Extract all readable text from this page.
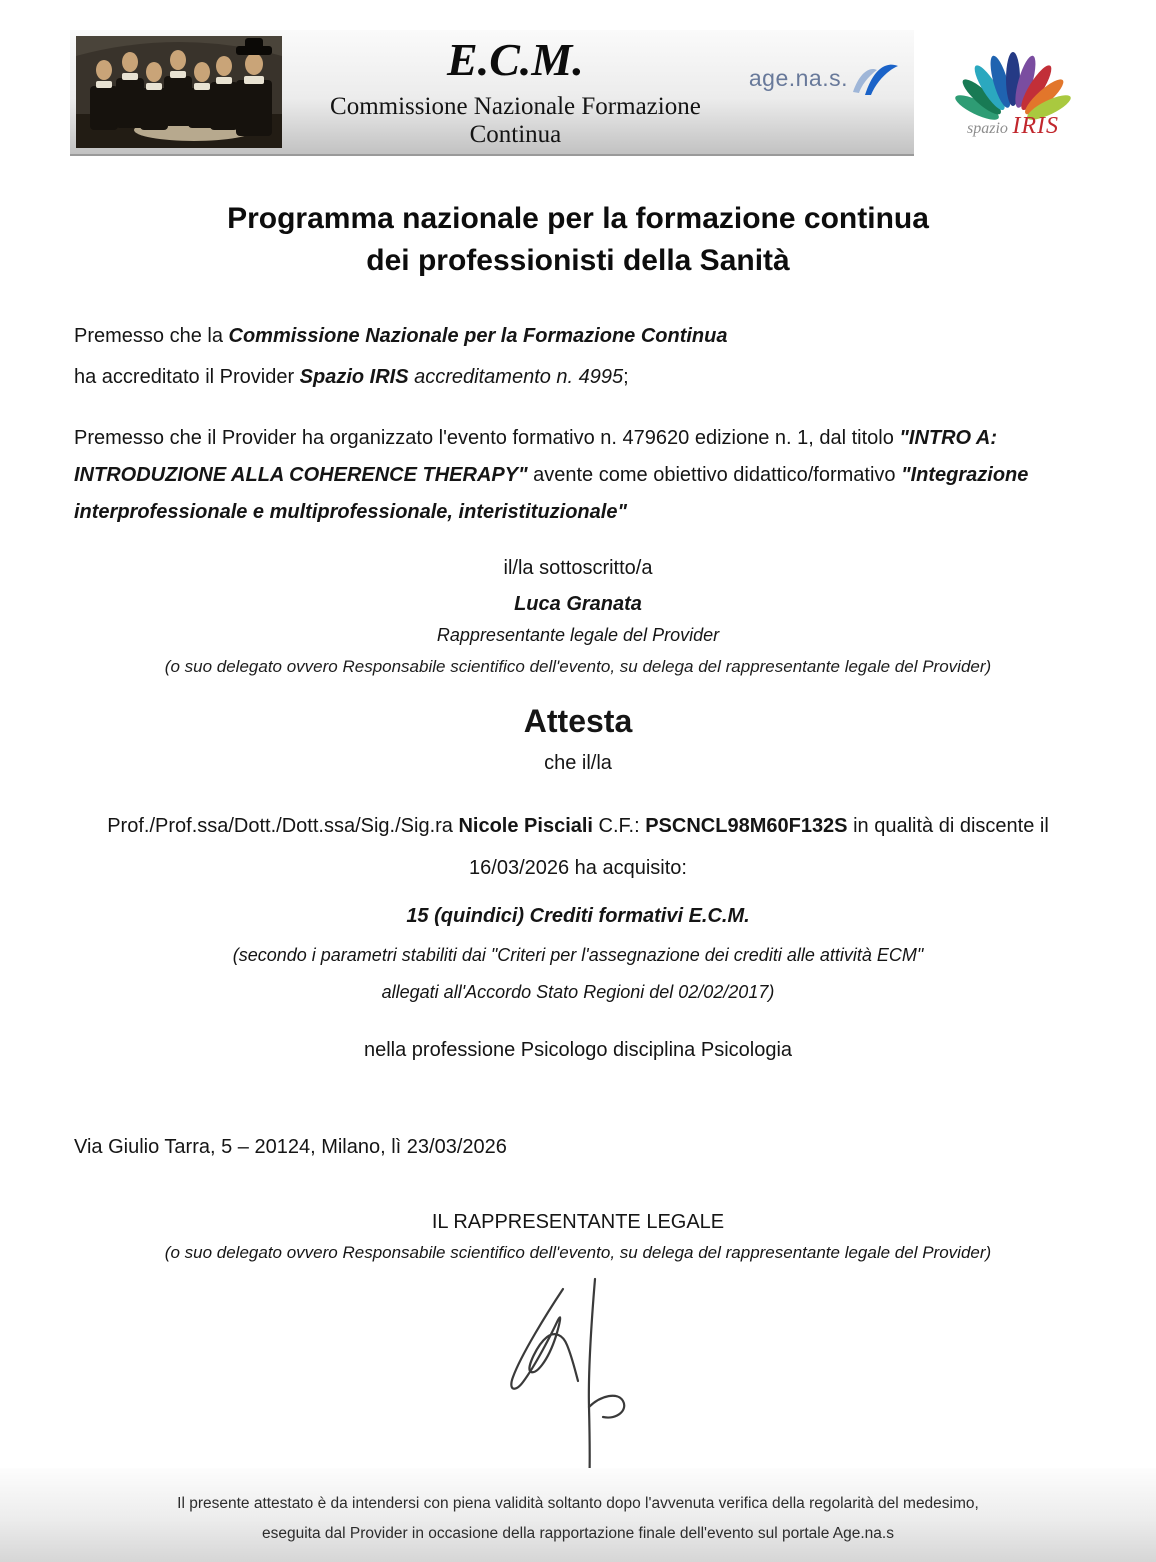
E.C.M.
Commissione Nazionale Formazione Continua
age.na.s.
spazio IRIS
Programma nazionale per la formazione continua
dei professionisti della Sanità
Premesso che la Commissione Nazionale per la Formazione Continua
ha accreditato il Provider Spazio IRIS accreditamento n. 4995;
Premesso che il Provider ha organizzato l'evento formativo n. 479620 edizione n. 1, dal titolo "INTRO A: INTRODUZIONE ALLA COHERENCE THERAPY" avente come obiettivo didattico/formativo "Integrazione interprofessionale e multiprofessionale, interistituzionale"
il/la sottoscritto/a
Luca Granata
Rappresentante legale del Provider
(o suo delegato ovvero Responsabile scientifico dell'evento, su delega del rappresentante legale del Provider)
Attesta
che il/la
Prof./Prof.ssa/Dott./Dott.ssa/Sig./Sig.ra Nicole Pisciali C.F.: PSCNCL98M60F132S in qualità di discente il 16/03/2026 ha acquisito:
15 (quindici) Crediti formativi E.C.M.
(secondo i parametri stabiliti dai "Criteri per l'assegnazione dei crediti alle attività ECM"
allegati all'Accordo Stato Regioni del 02/02/2017)
nella professione Psicologo disciplina Psicologia
Via Giulio Tarra, 5 – 20124, Milano, lì 23/03/2026
IL RAPPRESENTANTE LEGALE
(o suo delegato ovvero Responsabile scientifico dell'evento, su delega del rappresentante legale del Provider)
Il presente attestato è da intendersi con piena validità soltanto dopo l'avvenuta verifica della regolarità del medesimo,
eseguita dal Provider in occasione della rapportazione finale dell'evento sul portale Age.na.s
